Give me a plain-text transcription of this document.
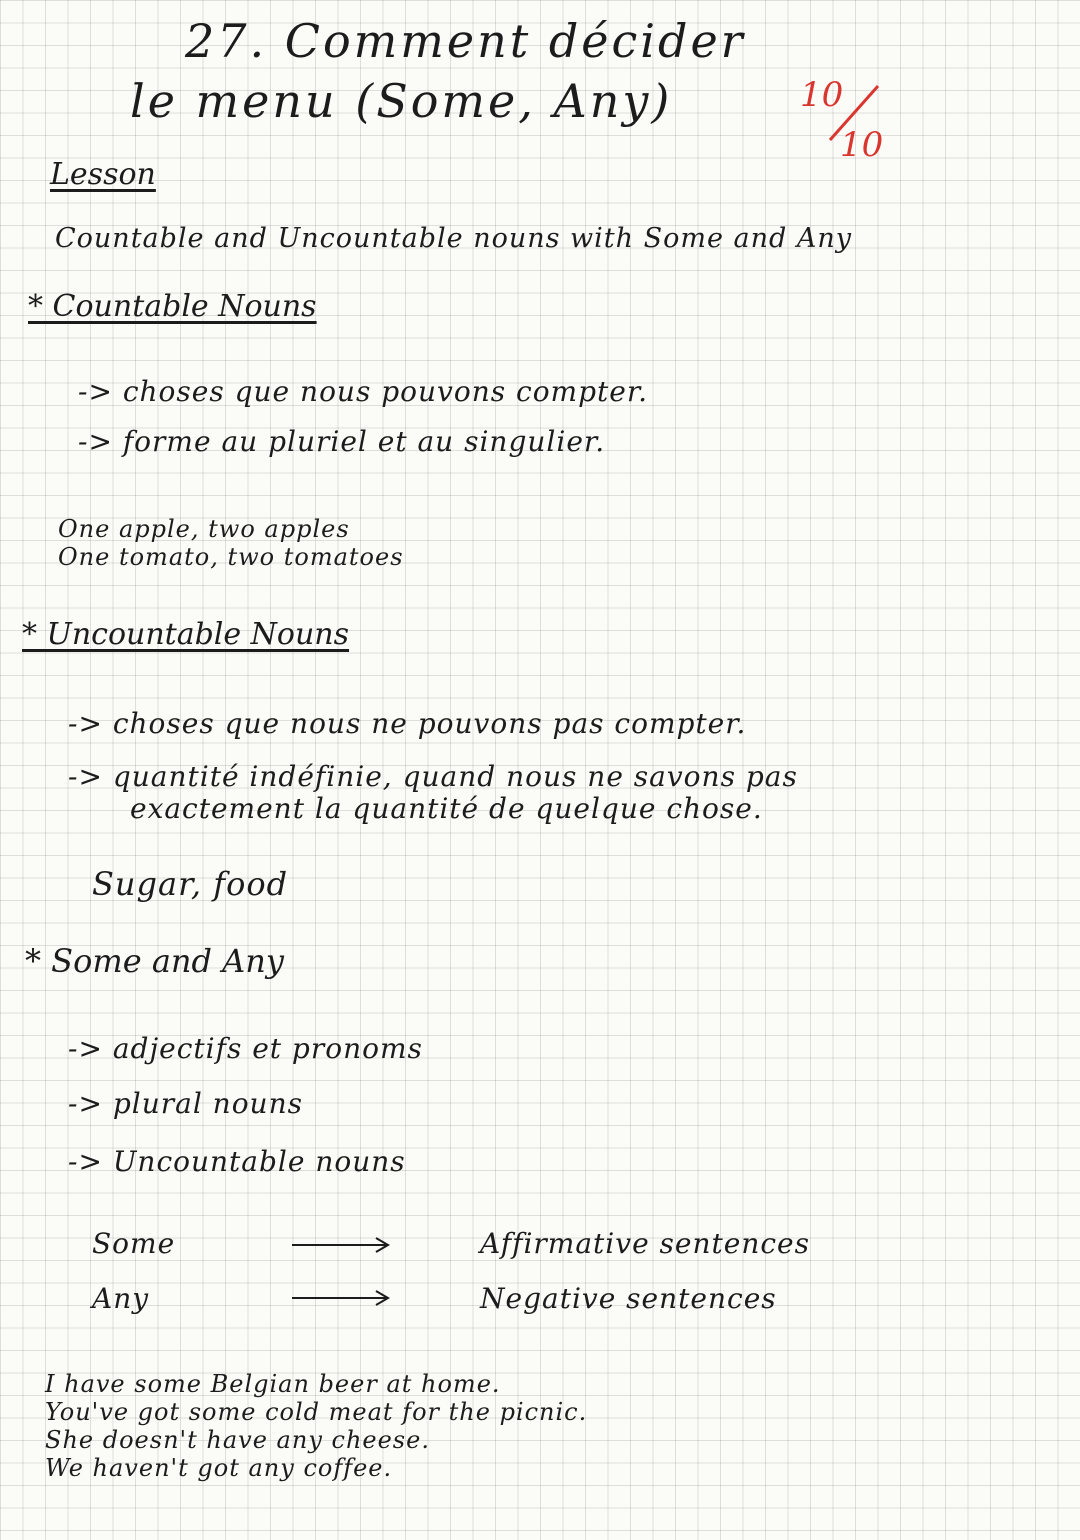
27. Comment décider
le menu (Some, Any)	10
10
Lesson
Countable and Uncountable nouns with Some and Any
* Countable Nouns
-> choses que nous pouvons compter.
-> forme au pluriel et au singulier.
One apple, two apples
One tomato, two tomatoes
* Uncountable Nouns
-> choses que nous ne pouvons pas compter.
-> quantité indéfinie, quand nous ne savons pas
exactement la quantité de quelque chose.
Sugar, food
* Some and Any
-> adjectifs et pronoms
-> plural nouns
-> Uncountable nouns
Some	Affirmative sentences
Any	Negative sentences
I have some Belgian beer at home.
You've got some cold meat for the picnic.
She doesn't have any cheese.
We haven't got any coffee.
